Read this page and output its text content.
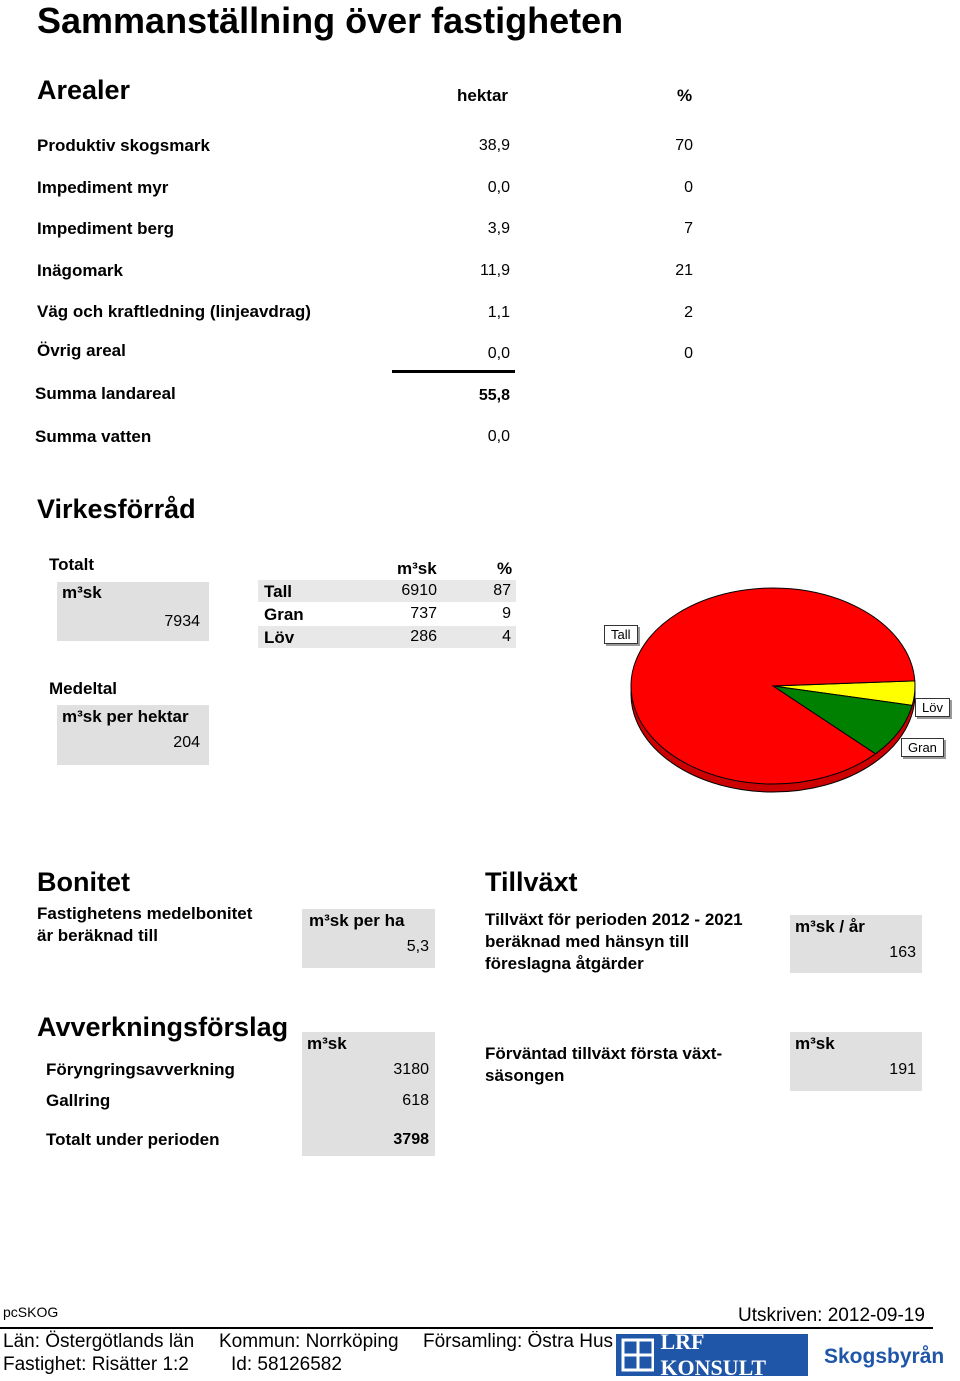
Sammanställning över fastigheten
Arealer	hektar	%
Produktiv skogsmark	38,9	70
Impediment myr	0,0	0
Impediment berg	3,9	7
Inägomark	11,9	21
Väg och kraftledning (linjeavdrag)	1,1	2
Övrig areal	0,0	0
Summa landareal	55,8
Summa vatten	0,0
Virkesförråd
Totalt
m³sk
7934
m³sk	%
Tall	6910	87
Gran	737	9
Löv	286	4
Medeltal
m³sk per hektar
204
Tall
Gran
Löv
Bonitet
Fastighetens medelbonitet
är beräknad till
m³sk per ha
5,3
Tillväxt
Tillväxt för perioden 2012 - 2021
beräknad med hänsyn till
föreslagna åtgärder
m³sk / år
163
Avverkningsförslag
m³sk
Föryngringsavverkning	3180
Gallring	618
Totalt under perioden	3798
Förväntad tillväxt första växt-
säsongen
m³sk
191
pcSKOG	Utskriven: 2012-09-19
Län: Östergötlands län Kommun: Norrköping Församling: Östra Hus
Fastighet: Risätter 1:2 Id: 58126582
LRF KONSULT	Skogsbyrån
